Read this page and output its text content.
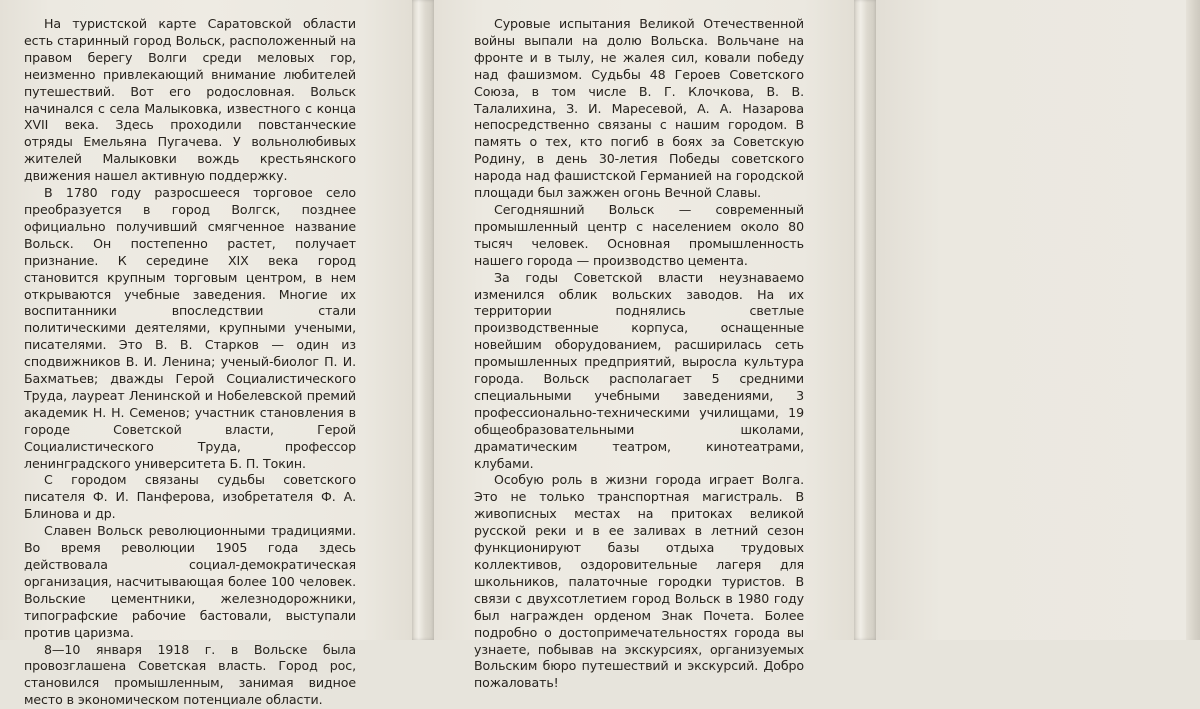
На туристской карте Саратовской области есть старинный город Вольск, расположенный на правом берегу Волги среди меловых гор, неизменно привлекающий внимание любителей путешествий. Вот его родословная. Вольск начинался с села Малыковка, известного с конца XVII века. Здесь проходили повстанческие отряды Емельяна Пугачева. У вольнолюбивых жителей Малыковки вождь крестьянского движения нашел активную поддержку.

В 1780 году разросшееся торговое село преобразуется в город Волгск, позднее официально получивший смягченное название Вольск. Он постепенно растет, получает признание. К середине XIX века город становится крупным торговым центром, в нем открываются учебные заведения. Многие их воспитанники впоследствии стали политическими деятелями, крупными учеными, писателями. Это В. В. Старков — один из сподвижников В. И. Ленина; ученый-биолог П. И. Бахматьев; дважды Герой Социалистического Труда, лауреат Ленинской и Нобелевской премий академик Н. Н. Семенов; участник становления в городе Советской власти, Герой Социалистического Труда, профессор ленинградского университета Б. П. Токин.

С городом связаны судьбы советского писателя Ф. И. Панферова, изобретателя Ф. А. Блинова и др.

Славен Вольск революционными традициями. Во время революции 1905 года здесь действовала социал-демократическая организация, насчитывающая более 100 человек. Вольские цементники, железнодорожники, типографские рабочие бастовали, выступали против царизма.

8—10 января 1918 г. в Вольске была провозглашена Советская власть. Город рос, становился промышленным, занимая видное место в экономическом потенциале области.

Суровые испытания Великой Отечественной войны выпали на долю Вольска. Вольчане на фронте и в тылу, не жалея сил, ковали победу над фашизмом. Судьбы 48 Героев Советского Союза, в том числе В. Г. Клочкова, В. В. Талалихина, З. И. Маресевой, А. А. Назарова непосредственно связаны с нашим городом. В память о тех, кто погиб в боях за Советскую Родину, в день 30-летия Победы советского народа над фашистской Германией на городской площади был зажжен огонь Вечной Славы.

Сегодняшний Вольск — современный промышленный центр с населением около 80 тысяч человек. Основная промышленность нашего города — производство цемента.

За годы Советской власти неузнаваемо изменился облик вольских заводов. На их территории поднялись светлые производственные корпуса, оснащенные новейшим оборудованием, расширилась сеть промышленных предприятий, выросла культура города. Вольск располагает 5 средними специальными учебными заведениями, 3 профессионально-техническими училищами, 19 общеобразовательными школами, драматическим театром, кинотеатрами, клубами.

Особую роль в жизни города играет Волга. Это не только транспортная магистраль. В живописных местах на притоках великой русской реки и в ее заливах в летний сезон функционируют базы отдыха трудовых коллективов, оздоровительные лагеря для школьников, палаточные городки туристов. В связи с двухсотлетием город Вольск в 1980 году был награжден орденом Знак Почета. Более подробно о достопримечательностях города вы узнаете, побывав на экскурсиях, организуемых Вольским бюро путешествий и экскурсий. Добро пожаловать!
